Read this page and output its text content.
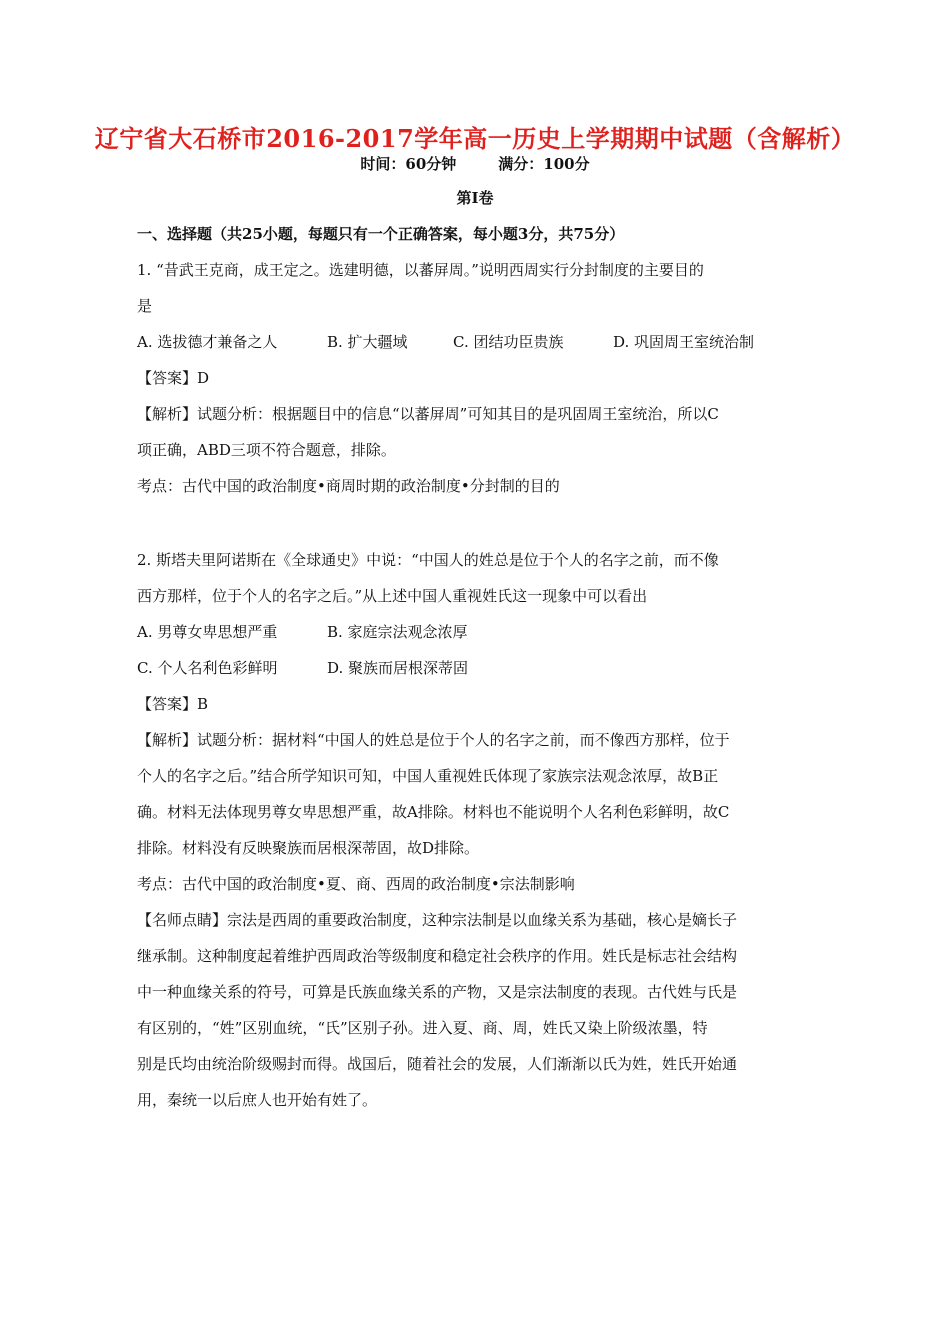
辽宁省大石桥市2016-2017学年高一历史上学期期中试题（含解析）
时间：60分钟	满分：100分
第I卷

一、选择题（共25小题，每题只有一个正确答案，每小题3分，共75分）

1. “昔武王克商，成王定之。选建明德，以蕃屏周。”说明西周实行分封制度的主要目的

是

A. 选拔德才兼备之人	B. 扩大疆域	C. 团结功臣贵族	D. 巩固周王室统治制

【答案】D

【解析】试题分析：根据题目中的信息“以蕃屏周”可知其目的是巩固周王室统治，所以C

项正确，ABD三项不符合题意，排除。

考点：古代中国的政治制度•商周时期的政治制度•分封制的目的

2. 斯塔夫里阿诺斯在《全球通史》中说：“中国人的姓总是位于个人的名字之前，而不像

西方那样，位于个人的名字之后。”从上述中国人重视姓氏这一现象中可以看出

A. 男尊女卑思想严重	B. 家庭宗法观念浓厚
C. 个人名利色彩鲜明	D. 聚族而居根深蒂固

【答案】B

【解析】试题分析：据材料“中国人的姓总是位于个人的名字之前，而不像西方那样，位于

个人的名字之后。”结合所学知识可知，中国人重视姓氏体现了家族宗法观念浓厚，故B正

确。材料无法体现男尊女卑思想严重，故A排除。材料也不能说明个人名利色彩鲜明，故C

排除。材料没有反映聚族而居根深蒂固，故D排除。

考点：古代中国的政治制度•夏、商、西周的政治制度•宗法制影响

【名师点睛】宗法是西周的重要政治制度，这种宗法制是以血缘关系为基础，核心是嫡长子

继承制。这种制度起着维护西周政治等级制度和稳定社会秩序的作用。姓氏是标志社会结构

中一种血缘关系的符号，可算是氏族血缘关系的产物，又是宗法制度的表现。古代姓与氏是

有区别的，“姓”区别血统，“氏”区别子孙。进入夏、商、周，姓氏又染上阶级浓墨，特

别是氏均由统治阶级赐封而得。战国后，随着社会的发展，人们渐渐以氏为姓，姓氏开始通

用，秦统一以后庶人也开始有姓了。
